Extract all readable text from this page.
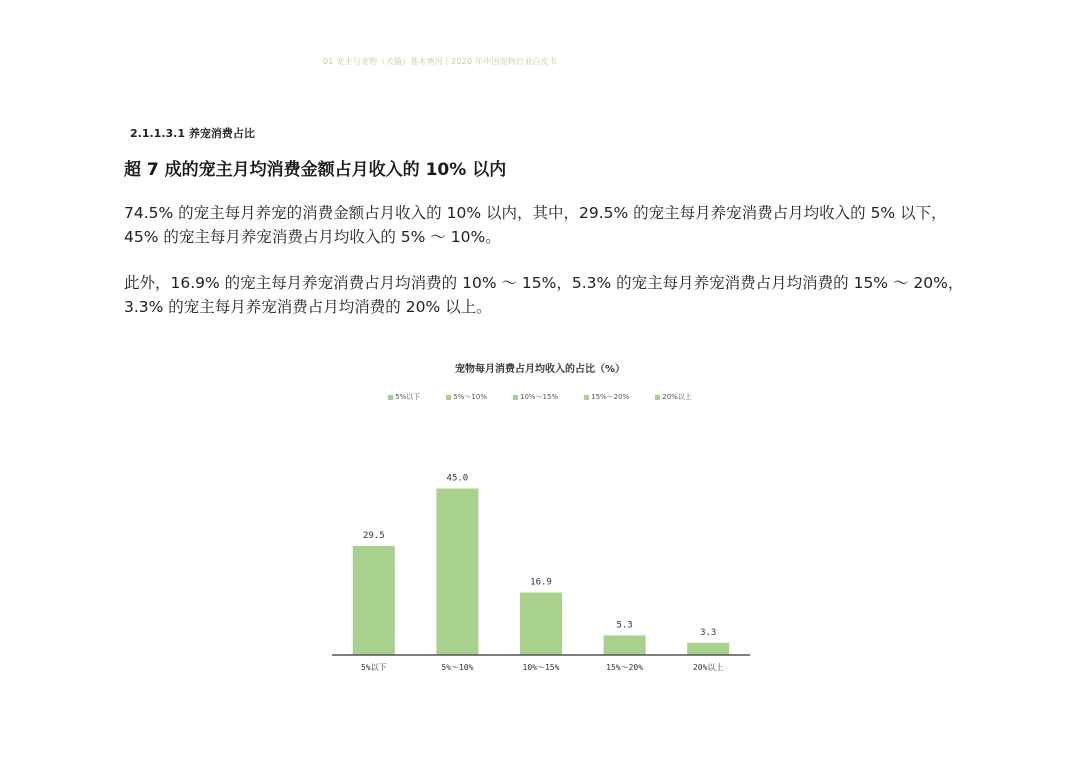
01 宠主与宠物（犬猫）基本情况丨2020 年中国宠物行业白皮书
2.1.1.3.1 养宠消费占比
超 7 成的宠主月均消费金额占月收入的 10% 以内

74.5% 的宠主每月养宠的消费金额占月收入的 10% 以内，其中，29.5% 的宠主每月养宠消费占月均收入的 5% 以下，45% 的宠主每月养宠消费占月均收入的 5% ～ 10%。

此外，16.9% 的宠主每月养宠消费占月均消费的 10% ～ 15%，5.3% 的宠主每月养宠消费占月均消费的 15% ～ 20%，3.3% 的宠主每月养宠消费占月均消费的 20% 以上。

宠物每月消费占月均收入的占比（%）
5%以下	5%～10%	10%～15%	15%～20%	20%以上
29.5
5%以下
45.0
5%～10%
16.9
10%～15%
5.3
15%～20%
3.3
20%以上
